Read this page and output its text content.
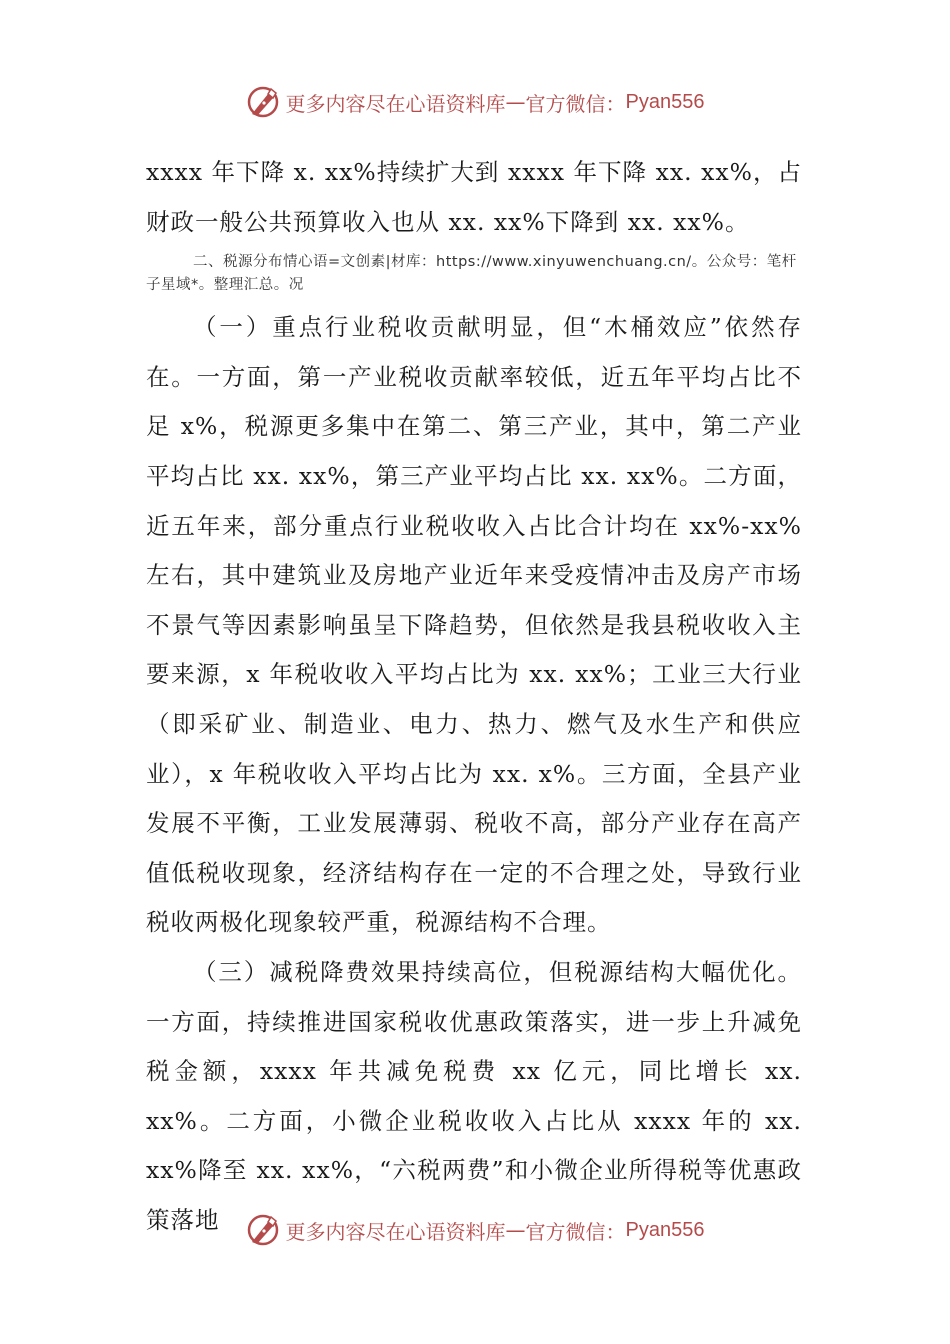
更多内容尽在心语资料库 — 官方微信： Pyan556

xxxx 年下降 x. xx%持续扩大到 xxxx 年下降 xx. xx%，占财政一般公共预算收入也从 xx. xx%下降到 xx. xx%。

二、税源分布情心语=文创素|材库：https://www.xinyuwenchuang.cn/。公众号：笔杆子星域*。整理汇总。况

（一）重点行业税收贡献明显，但“木桶效应”依然存在。一方面，第一产业税收贡献率较低，近五年平均占比不足 x%，税源更多集中在第二、第三产业，其中，第二产业平均占比 xx. xx%，第三产业平均占比 xx. xx%。二方面，近五年来，部分重点行业税收收入占比合计均在 xx%-xx%左右，其中建筑业及房地产业近年来受疫情冲击及房产市场不景气等因素影响虽呈下降趋势，但依然是我县税收收入主要来源，x 年税收收入平均占比为 xx. xx%；工业三大行业（即采矿业、制造业、电力、热力、燃气及水生产和供应业），x 年税收收入平均占比为 xx. x%。三方面，全县产业发展不平衡，工业发展薄弱、税收不高，部分产业存在高产值低税收现象，经济结构存在一定的不合理之处，导致行业税收两极化现象较严重，税源结构不合理。

（三）减税降费效果持续高位，但税源结构大幅优化。一方面，持续推进国家税收优惠政策落实，进一步上升减免税金额，xxxx 年共减免税费 xx 亿元，同比增长 xx. xx%。二方面，小微企业税收收入占比从 xxxx 年的 xx. xx%降至 xx. xx%，“六税两费”和小微企业所得税等优惠政策落地	更多内容尽在心语资料库 — 官方微信： Pyan556
